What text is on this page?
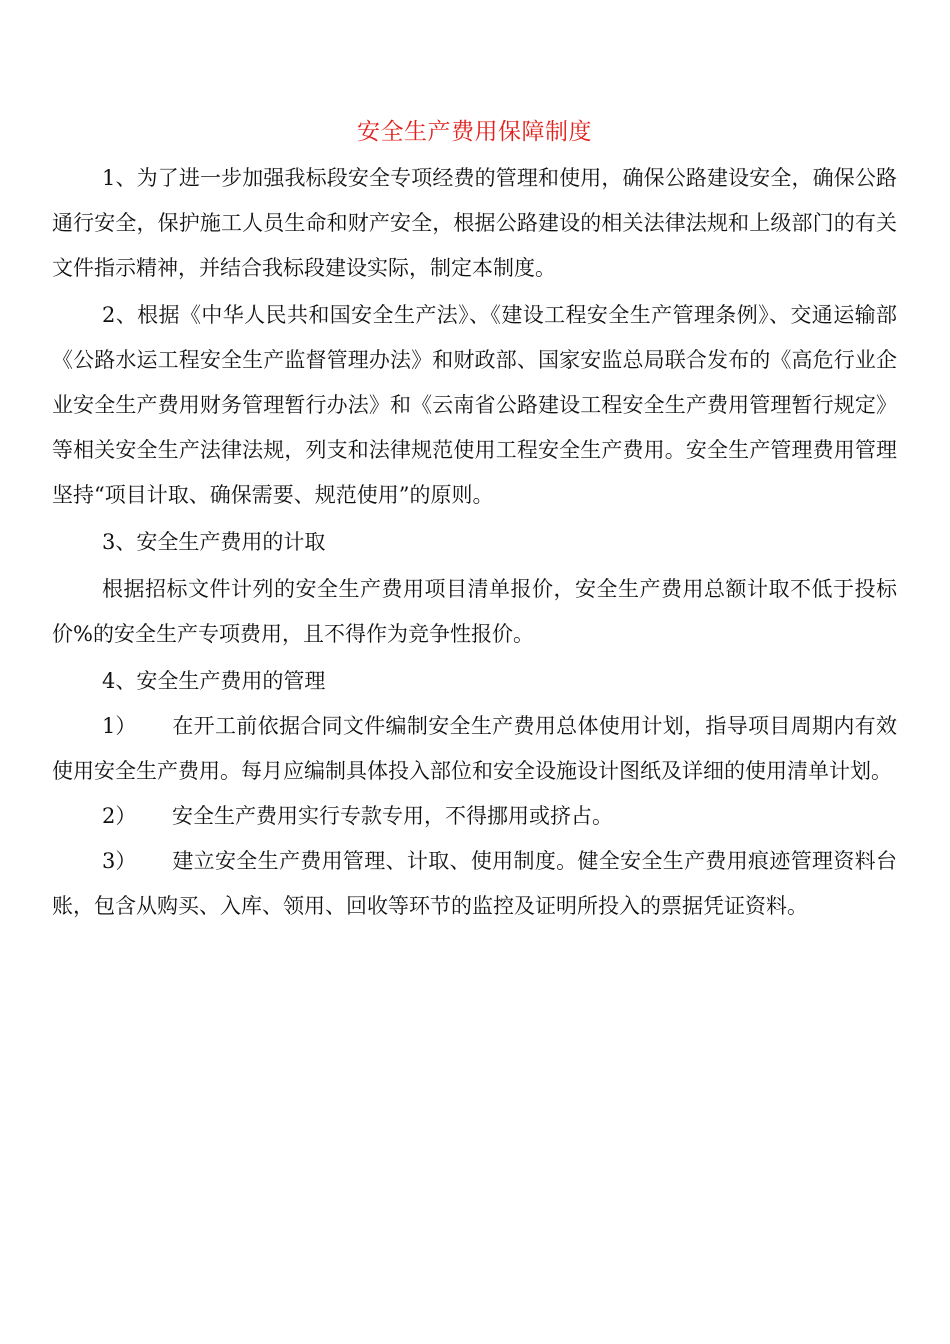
安全生产费用保障制度

1、为了进一步加强我标段安全专项经费的管理和使用，确保公路建设安全，确保公路通行安全，保护施工人员生命和财产安全，根据公路建设的相关法律法规和上级部门的有关文件指示精神，并结合我标段建设实际，制定本制度。

2、根据《中华人民共和国安全生产法》、《建设工程安全生产管理条例》、交通运输部《公路水运工程安全生产监督管理办法》和财政部、国家安监总局联合发布的《高危行业企业安全生产费用财务管理暂行办法》和《云南省公路建设工程安全生产费用管理暂行规定》等相关安全生产法律法规，列支和法律规范使用工程安全生产费用。安全生产管理费用管理坚持“项目计取、确保需要、规范使用”的原则。

3、安全生产费用的计取

根据招标文件计列的安全生产费用项目清单报价，安全生产费用总额计取不低于投标价%的安全生产专项费用，且不得作为竞争性报价。

4、安全生产费用的管理

1） 在开工前依据合同文件编制安全生产费用总体使用计划，指导项目周期内有效使用安全生产费用。每月应编制具体投入部位和安全设施设计图纸及详细的使用清单计划。

2） 安全生产费用实行专款专用，不得挪用或挤占。

3） 建立安全生产费用管理、计取、使用制度。健全安全生产费用痕迹管理资料台账，包含从购买、入库、领用、回收等环节的监控及证明所投入的票据凭证资料。
